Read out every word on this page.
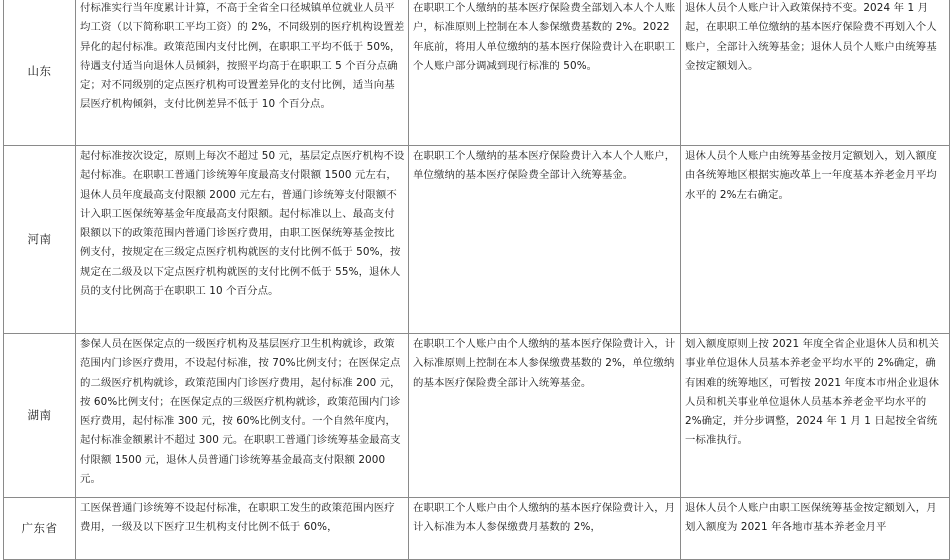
山东	付标准实行当年度累计计算，不高于全省全口径城镇单位就业人员平均工资（以下简称职工平均工资）的 2%，不同级别的医疗机构设置差异化的起付标准。政策范围内支付比例，在职职工平均不低于 50%，待遇支付适当向退休人员倾斜，按照平均高于在职职工 5 个百分点确定；对不同级别的定点医疗机构可设置差异化的支付比例，适当向基层医疗机构倾斜，支付比例差异不低于 10 个百分点。	在职职工个人缴纳的基本医疗保险费全部划入本人个人账户，标准原则上控制在本人参保缴费基数的 2%。2022 年底前，将用人单位缴纳的基本医疗保险费计入在职职工个人账户部分调减到现行标准的 50%。	退休人员个人账户计入政策保持不变。2024 年 1 月起，在职职工单位缴纳的基本医疗保险费不再划入个人账户，全部计入统筹基金；退休人员个人账户由统筹基金按定额划入。
河南	起付标准按次设定，原则上每次不超过 50 元，基层定点医疗机构不设起付标准。在职职工普通门诊统筹年度最高支付限额 1500 元左右，退休人员年度最高支付限额 2000 元左右，普通门诊统筹支付限额不计入职工医保统筹基金年度最高支付限额。起付标准以上、最高支付限额以下的政策范围内普通门诊医疗费用，由职工医保统筹基金按比例支付，按规定在三级定点医疗机构就医的支付比例不低于 50%，按规定在二级及以下定点医疗机构就医的支付比例不低于 55%，退休人员的支付比例高于在职职工 10 个百分点。	在职职工个人缴纳的基本医疗保险费计入本人个人账户，单位缴纳的基本医疗保险费全部计入统筹基金。	退休人员个人账户由统筹基金按月定额划入，划入额度由各统筹地区根据实施改革上一年度基本养老金月平均水平的 2%左右确定。
湖南	参保人员在医保定点的一级医疗机构及基层医疗卫生机构就诊，政策范围内门诊医疗费用，不设起付标准，按 70%比例支付；在医保定点的二级医疗机构就诊，政策范围内门诊医疗费用，起付标准 200 元，按 60%比例支付；在医保定点的三级医疗机构就诊，政策范围内门诊医疗费用，起付标准 300 元，按 60%比例支付。一个自然年度内，起付标准金额累计不超过 300 元。在职职工普通门诊统筹基金最高支付限额 1500 元，退休人员普通门诊统筹基金最高支付限额 2000 元。	在职职工个人账户由个人缴纳的基本医疗保险费计入，计入标准原则上控制在本人参保缴费基数的 2%，单位缴纳的基本医疗保险费全部计入统筹基金。	划入额度原则上按 2021 年度全省企业退休人员和机关事业单位退休人员基本养老金平均水平的 2%确定，确有困难的统筹地区，可暂按 2021 年度本市州企业退休人员和机关事业单位退休人员基本养老金平均水平的 2%确定，并分步调整，2024 年 1 月 1 日起按全省统一标准执行。
广东省	工医保普通门诊统筹不设起付标准，在职职工发生的政策范围内医疗费用，一级及以下医疗卫生机构支付比例不低于 60%，	在职职工个人账户由个人缴纳的基本医疗保险费计入，月计入标准为本人参保缴费月基数的 2%，	退休人员个人账户由职工医保统筹基金按定额划入，月划入额度为 2021 年各地市基本养老金月平
